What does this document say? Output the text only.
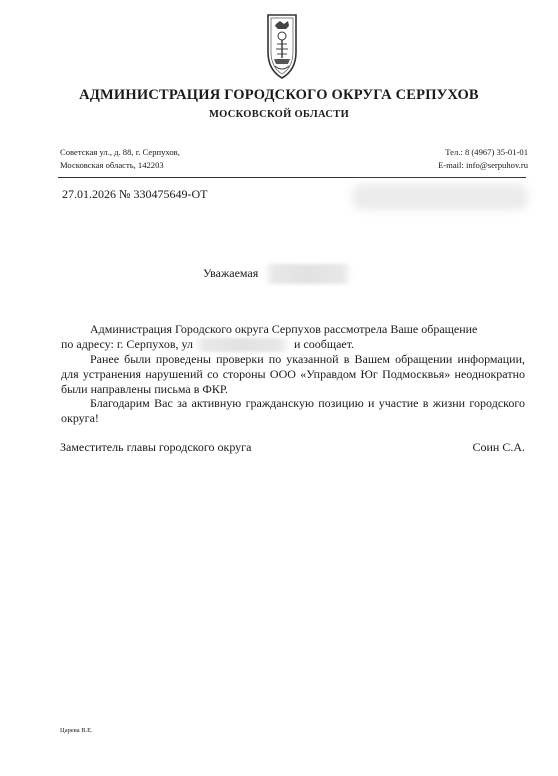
АДМИНИСТРАЦИЯ ГОРОДСКОГО ОКРУГА СЕРПУХОВ
МОСКОВСКОЙ ОБЛАСТИ
Советская ул., д. 88, г. Серпухов,
Московская область, 142203
Тел.: 8 (4967) 35-01-01
E-mail: info@serpuhov.ru
27.01.2026 № 330475649-ОТ
Уважаемая

Администрация Городского округа Серпухов рассмотрела Ваше обращение

по адресу: г. Серпухов, ул	и сообщает.

Ранее были проведены проверки по указанной в Вашем обращении информации, для устранения нарушений со стороны ООО «Управдом Юг Подмосквья» неоднократно были направлены письма в ФКР.

Благодарим Вас за активную гражданскую позицию и участие в жизни городского округа!

Заместитель главы городского округа	Соин С.А.
Царева В.Е.
